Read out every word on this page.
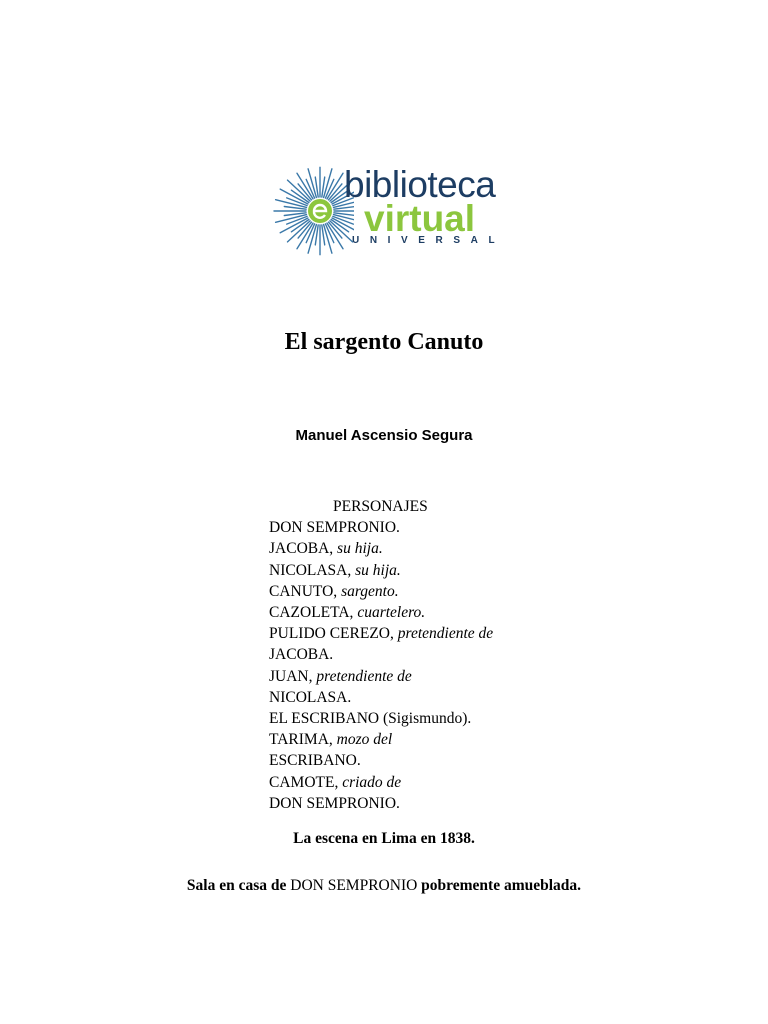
biblioteca
virtual
UNIVERSAL
El sargento Canuto
Manuel Ascensio Segura
PERSONAJES
DON SEMPRONIO.
JACOBA, su hija.
NICOLASA, su hija.
CANUTO, sargento.
CAZOLETA, cuartelero.
PULIDO CEREZO, pretendiente de
JACOBA.
JUAN, pretendiente de
NICOLASA.
EL ESCRIBANO (Sigismundo).
TARIMA, mozo del
ESCRIBANO.
CAMOTE, criado de
DON SEMPRONIO.
La escena en Lima en 1838.
Sala en casa de DON SEMPRONIO pobremente amueblada.
